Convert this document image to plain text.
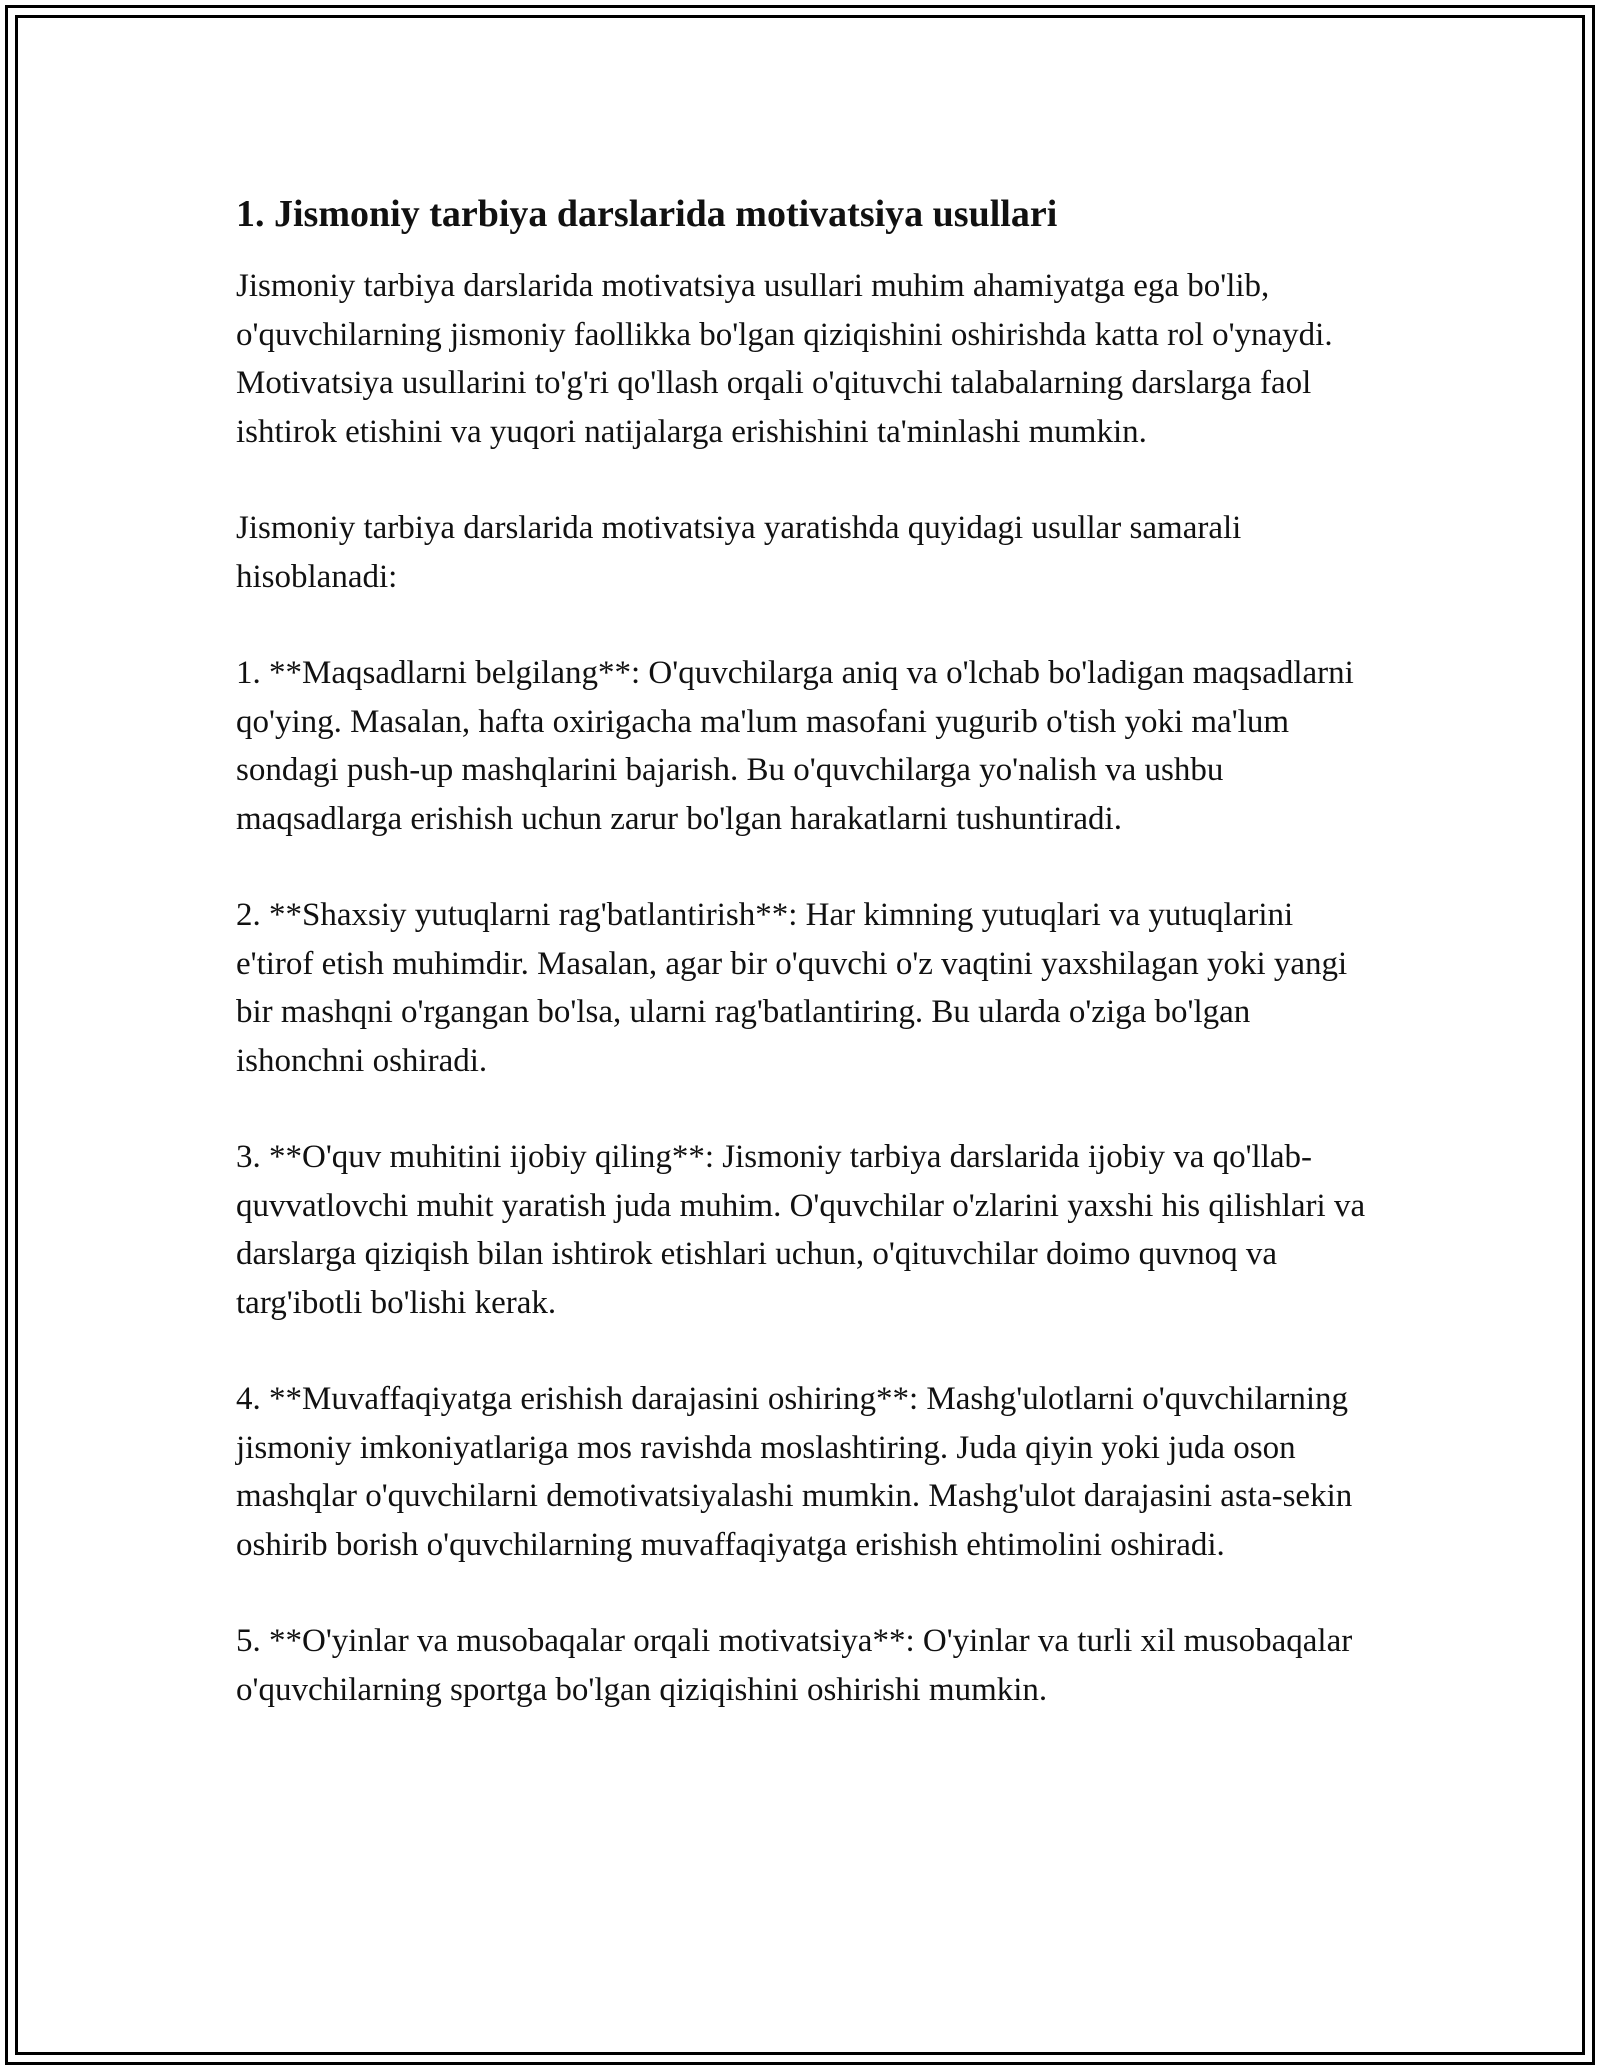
1. Jismoniy tarbiya darslarida motivatsiya usullari

Jismoniy tarbiya darslarida motivatsiya usullari muhim ahamiyatga ega bo'lib, o'quvchilarning jismoniy faollikka bo'lgan qiziqishini oshirishda katta rol o'ynaydi. Motivatsiya usullarini to'g'ri qo'llash orqali o'qituvchi talabalarning darslarga faol ishtirok etishini va yuqori natijalarga erishishini ta'minlashi mumkin.

Jismoniy tarbiya darslarida motivatsiya yaratishda quyidagi usullar samarali hisoblanadi:

1. **Maqsadlarni belgilang**: O'quvchilarga aniq va o'lchab bo'ladigan maqsadlarni qo'ying. Masalan, hafta oxirigacha ma'lum masofani yugurib o'tish yoki ma'lum sondagi push-up mashqlarini bajarish. Bu o'quvchilarga yo'nalish va ushbu maqsadlarga erishish uchun zarur bo'lgan harakatlarni tushuntiradi.

2. **Shaxsiy yutuqlarni rag'batlantirish**: Har kimning yutuqlari va yutuqlarini e'tirof etish muhimdir. Masalan, agar bir o'quvchi o'z vaqtini yaxshilagan yoki yangi bir mashqni o'rgangan bo'lsa, ularni rag'batlantiring. Bu ularda o'ziga bo'lgan ishonchni oshiradi.

3. **O'quv muhitini ijobiy qiling**: Jismoniy tarbiya darslarida ijobiy va qo'llab-quvvatlovchi muhit yaratish juda muhim. O'quvchilar o'zlarini yaxshi his qilishlari va darslarga qiziqish bilan ishtirok etishlari uchun, o'qituvchilar doimo quvnoq va targ'ibotli bo'lishi kerak.

4. **Muvaffaqiyatga erishish darajasini oshiring**: Mashg'ulotlarni o'quvchilarning jismoniy imkoniyatlariga mos ravishda moslashtiring. Juda qiyin yoki juda oson mashqlar o'quvchilarni demotivatsiyalashi mumkin. Mashg'ulot darajasini asta-sekin oshirib borish o'quvchilarning muvaffaqiyatga erishish ehtimolini oshiradi.

5. **O'yinlar va musobaqalar orqali motivatsiya**: O'yinlar va turli xil musobaqalar o'quvchilarning sportga bo'lgan qiziqishini oshirishi mumkin.
